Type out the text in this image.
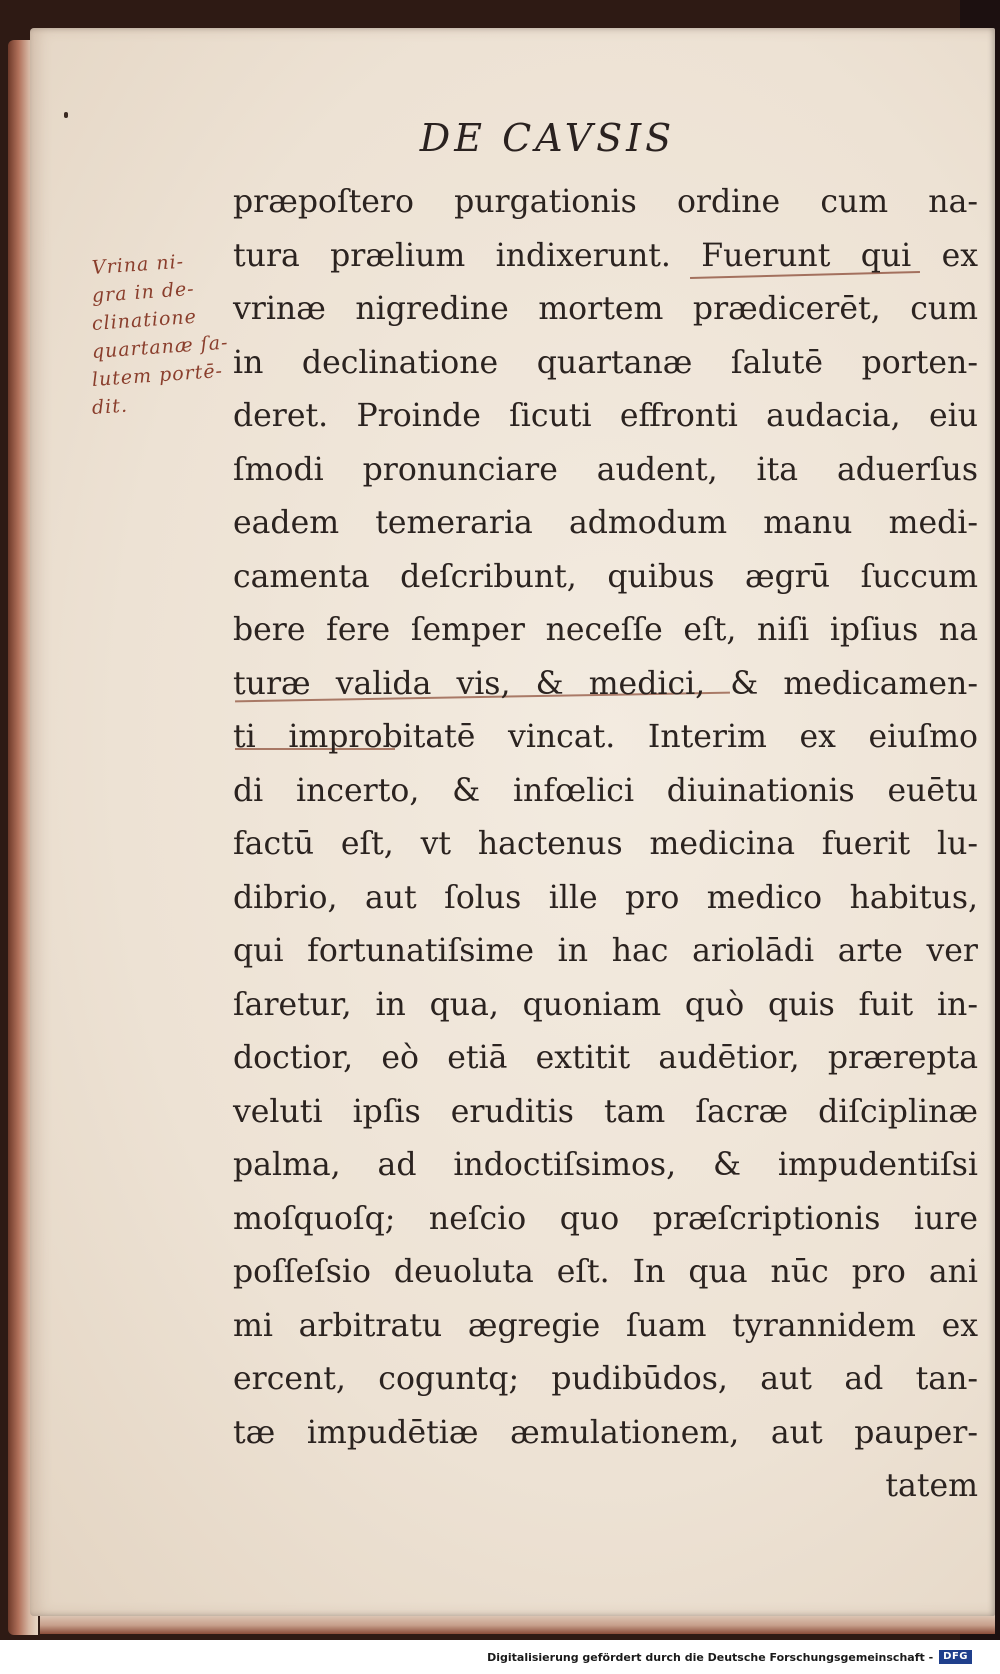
DE CAVSIS
Vrina ni-
gra in de-
clinatione
quartanæ ſa-
lutem portē-
dit.
præpoſtero purgationis ordine cum na-
tura prælium indixerunt. Fuerunt qui ex
vrinæ nigredine mortem prædicerēt, cum
in declinatione quartanæ ſalutē porten-
deret. Proinde ſicuti effronti audacia, eiu
ſmodi pronunciare audent, ita aduerſus
eadem temeraria admodum manu medi-
camenta deſcribunt, quibus ægrū ſuccum
bere fere ſemper neceſſe eſt, niſi ipſius na
turæ valida vis, & medici, & medicamen-
ti improbitatē vincat. Interim ex eiuſmo
di incerto, & infœlici diuinationis euētu
factū eſt, vt hactenus medicina fuerit lu-
dibrio, aut ſolus ille pro medico habitus,
qui fortunatiſsime in hac ariolādi arte ver
ſaretur, in qua, quoniam quò quis fuit in-
doctior, eò etiā extitit audētior, prærepta
veluti ipſis eruditis tam ſacræ diſciplinæ
palma, ad indoctiſsimos, & impudentiſsi
moſquoſq; neſcio quo præſcriptionis iure
poſſeſsio deuoluta eſt. In qua nūc pro ani
mi arbitratu ægregie ſuam tyrannidem ex
ercent, coguntq; pudibūdos, aut ad tan-
tæ impudētiæ æmulationem, aut pauper-
tatem
Digitalisierung gefördert durch die Deutsche Forschungsgemeinschaft -	DFG
